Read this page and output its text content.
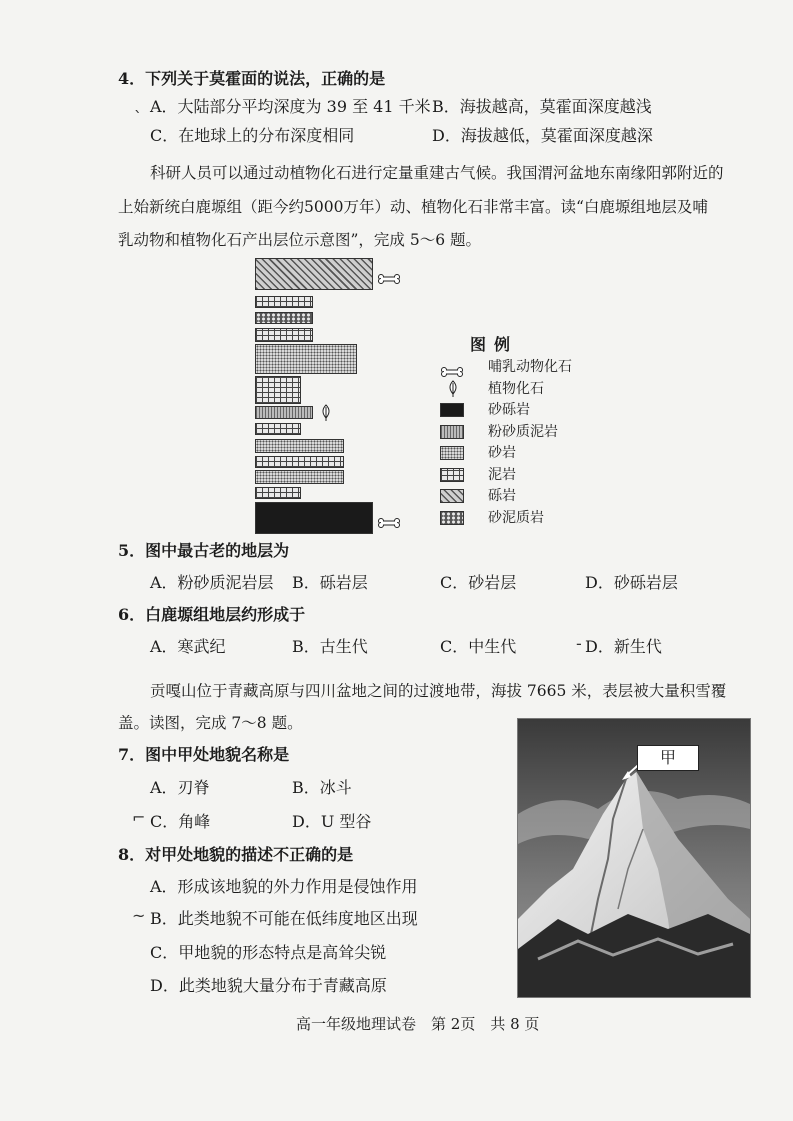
4．下列关于莫霍面的说法，正确的是
A．大陆部分平均深度为 39 至 41 千米 B．海拔越高，莫霍面深度越浅
C．在地球上的分布深度相同	D．海拔越低，莫霍面深度越深
ˎ
科研人员可以通过动植物化石进行定量重建古气候。我国渭河盆地东南缘阳郭附近的
上始新统白鹿塬组（距今约5000万年）动、植物化石非常丰富。读“白鹿塬组地层及哺
乳动物和植物化石产出层位示意图”，完成 5～6 题。
图例
哺乳动物化石
植物化石
砂砾岩
粉砂质泥岩
砂岩
泥岩
砾岩
砂泥质岩
5．图中最古老的地层为
A．粉砂质泥岩层 B．砾岩层	C．砂岩层	D．砂砾岩层
6．白鹿塬组地层约形成于
A．寒武纪	B．古生代	C．中生代	D．新生代
-
贡嘎山位于青藏高原与四川盆地之间的过渡地带，海拔 7665 米，表层被大量积雪覆
盖。读图，完成 7～8 题。
7．图中甲处地貌名称是
A．刃脊	B．冰斗
C．角峰	D．U 型谷
⌐
8．对甲处地貌的描述不正确的是
A．形成该地貌的外力作用是侵蚀作用
B．此类地貌不可能在低纬度地区出现
C．甲地貌的形态特点是高耸尖锐
D．此类地貌大量分布于青藏高原
~
甲
高一年级地理试卷　第 2页　共 8 页
